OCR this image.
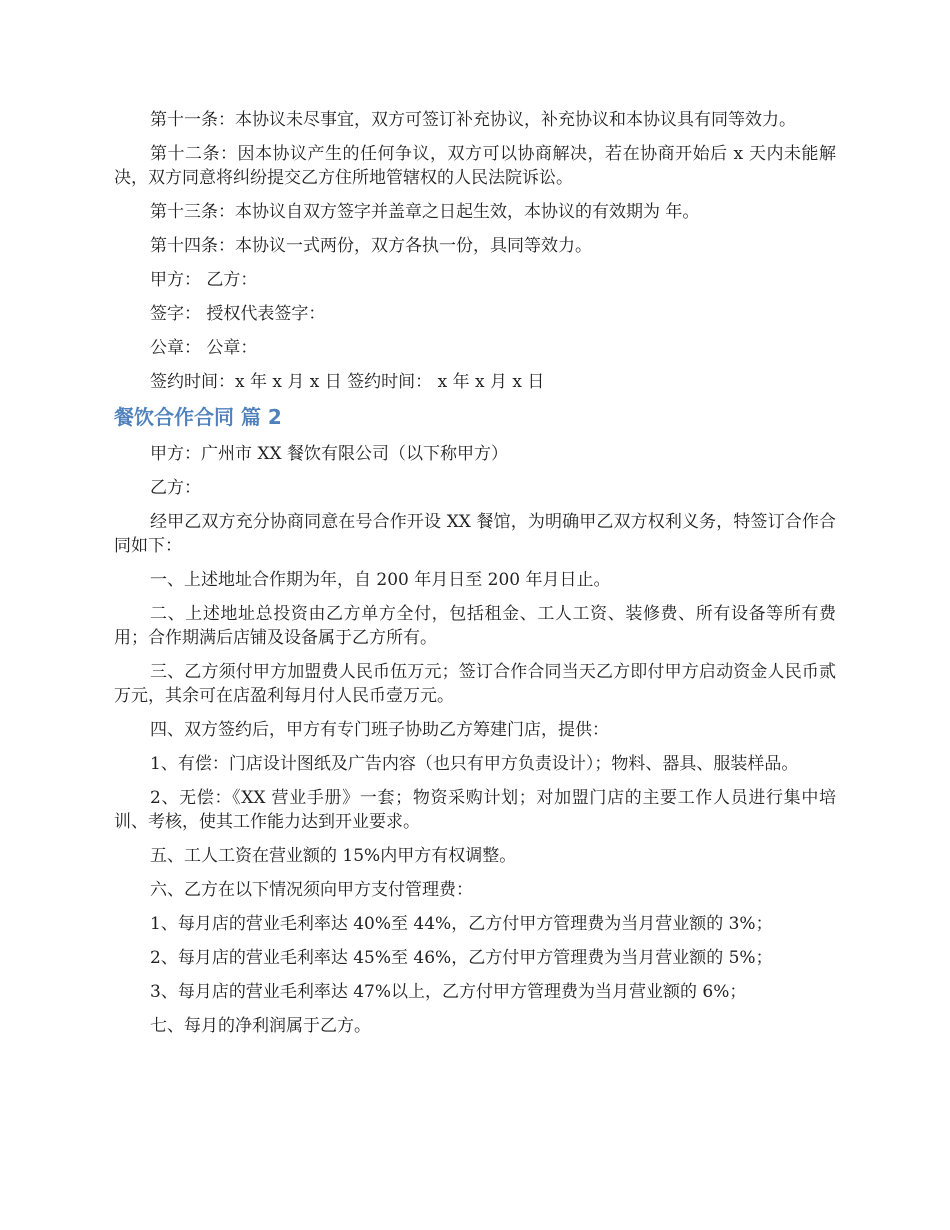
第十一条：本协议未尽事宜，双方可签订补充协议，补充协议和本协议具有同等效力。

第十二条：因本协议产生的任何争议，双方可以协商解决，若在协商开始后 x 天内未能解决，双方同意将纠纷提交乙方住所地管辖权的人民法院诉讼。

第十三条：本协议自双方签字并盖章之日起生效，本协议的有效期为 年。

第十四条：本协议一式两份，双方各执一份，具同等效力。

甲方： 乙方：

签字： 授权代表签字：

公章： 公章：

签约时间：x 年 x 月 x 日 签约时间： x 年 x 月 x 日

餐饮合作合同 篇 2

甲方：广州市 XX 餐饮有限公司（以下称甲方）

乙方：

经甲乙双方充分协商同意在号合作开设 XX 餐馆，为明确甲乙双方权利义务，特签订合作合同如下：

一、上述地址合作期为年，自 200 年月日至 200 年月日止。

二、上述地址总投资由乙方单方全付，包括租金、工人工资、装修费、所有设备等所有费用；合作期满后店铺及设备属于乙方所有。

三、乙方须付甲方加盟费人民币伍万元；签订合作合同当天乙方即付甲方启动资金人民币贰万元，其余可在店盈利每月付人民币壹万元。

四、双方签约后，甲方有专门班子协助乙方筹建门店，提供：

1、有偿：门店设计图纸及广告内容（也只有甲方负责设计）；物料、器具、服装样品。

2、无偿：《XX 营业手册》一套；物资采购计划；对加盟门店的主要工作人员进行集中培训、考核，使其工作能力达到开业要求。

五、工人工资在营业额的 15%内甲方有权调整。

六、乙方在以下情况须向甲方支付管理费：

1、每月店的营业毛利率达 40%至 44%，乙方付甲方管理费为当月营业额的 3%；

2、每月店的营业毛利率达 45%至 46%，乙方付甲方管理费为当月营业额的 5%；

3、每月店的营业毛利率达 47%以上，乙方付甲方管理费为当月营业额的 6%；

七、每月的净利润属于乙方。
